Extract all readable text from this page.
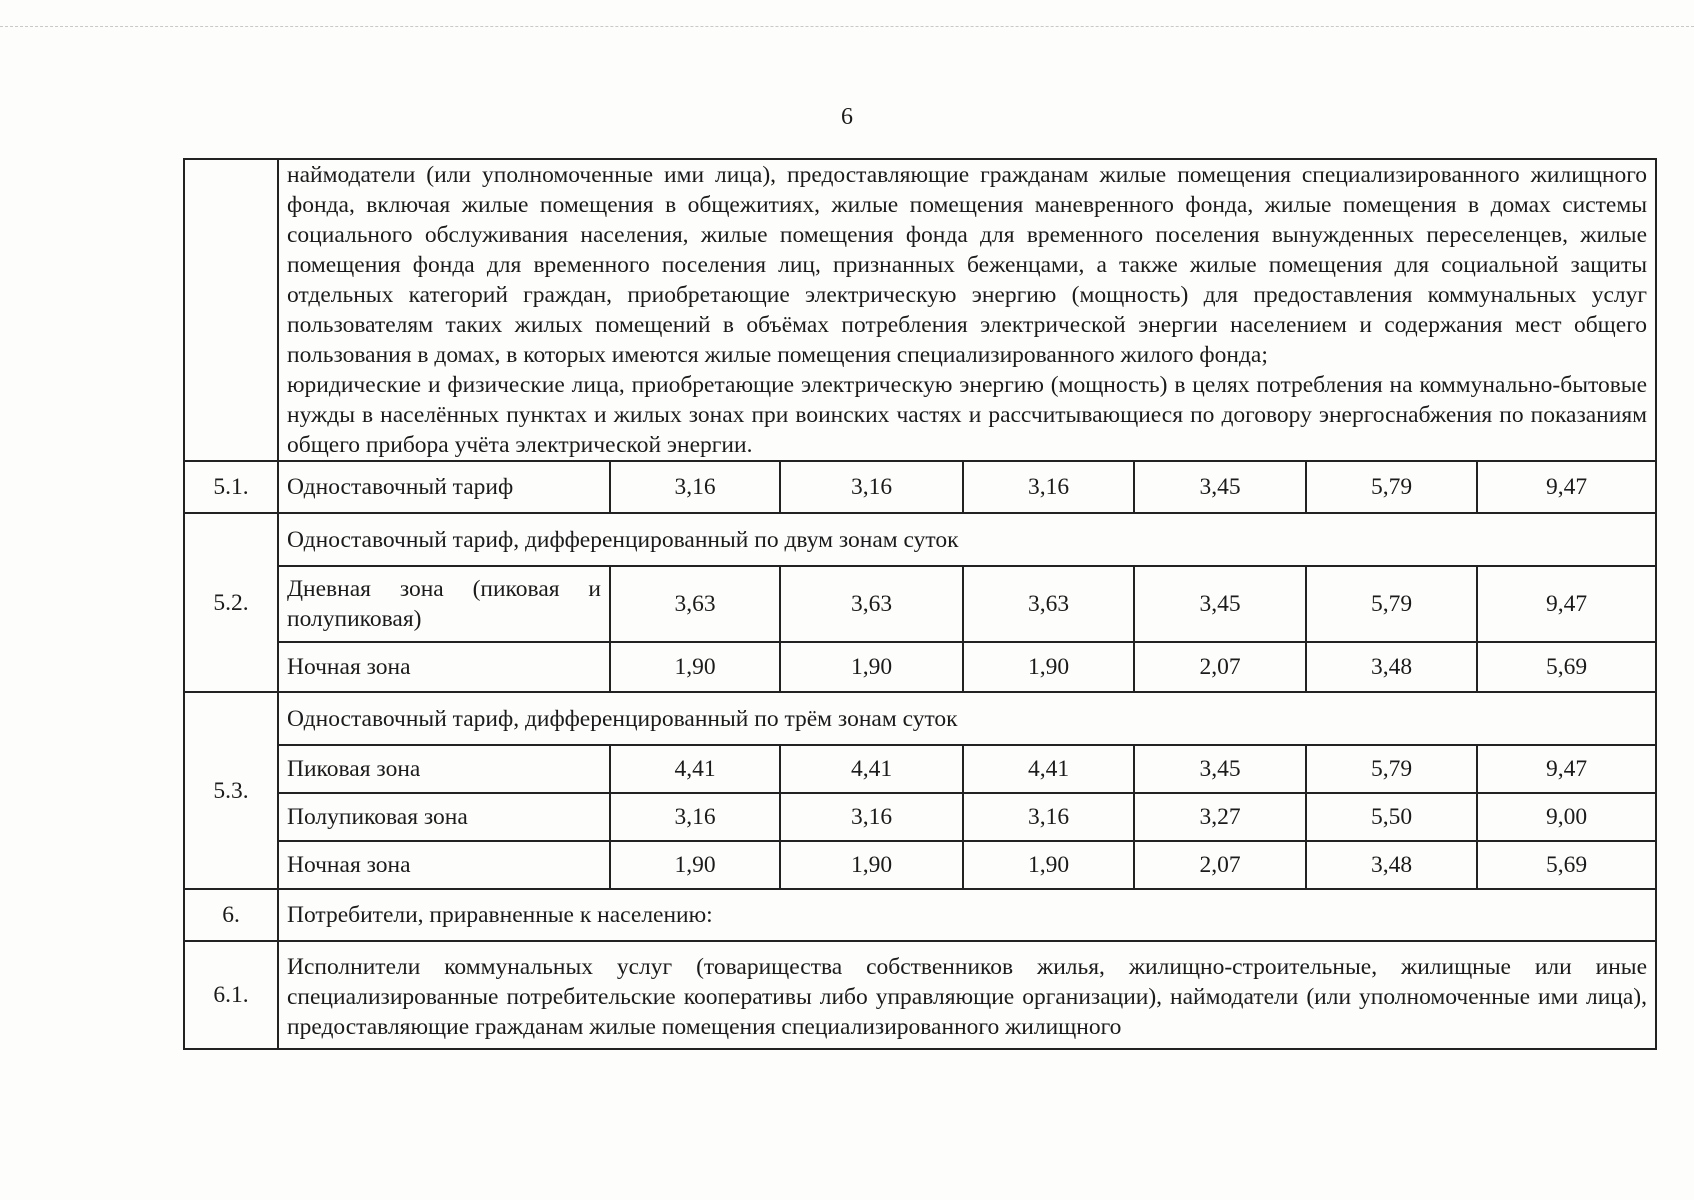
6

	наймодатели (или уполномоченные ими лица), предоставляющие гражданам жилые помещения специализированного жилищного фонда, включая жилые помещения в общежитиях, жилые помещения маневренного фонда, жилые помещения в домах системы социального обслуживания населения, жилые помещения фонда для временного поселения вынужденных переселенцев, жилые помещения фонда для временного поселения лиц, признанных беженцами, а также жилые помещения для социальной защиты отдельных категорий граждан, приобретающие электрическую энергию (мощность) для предоставления коммунальных услуг пользователям таких жилых помещений в объёмах потребления электрической энергии населением и содержания мест общего пользования в домах, в которых имеются жилые помещения специализированного жилого фонда;

юридические и физические лица, приобретающие электрическую энергию (мощность) в целях потребления на коммунально-бытовые нужды в населённых пунктах и жилых зонах при воинских частях и рассчитывающиеся по договору энергоснабжения по показаниям общего прибора учёта электрической энергии.						

5.1.	Одноставочный тариф	3,16	3,16	3,16	3,45	5,79	9,47
5.2.	Одноставочный тариф, дифференцированный по двум зонам суток						
	Дневная зона (пиковая и полупиковая)	3,63	3,63	3,63	3,45	5,79	9,47
	Ночная зона	1,90	1,90	1,90	2,07	3,48	5,69
5.3.	Одноставочный тариф, дифференцированный по трём зонам суток						
	Пиковая зона	4,41	4,41	4,41	3,45	5,79	9,47
	Полупиковая зона	3,16	3,16	3,16	3,27	5,50	9,00
	Ночная зона	1,90	1,90	1,90	2,07	3,48	5,69
6.	Потребители, приравненные к населению:						
6.1.	Исполнители коммунальных услуг (товарищества собственников жилья, жилищно-строительные, жилищные или иные специализированные потребительские кооперативы либо управляющие организации), наймодатели (или уполномоченные ими лица), предоставляющие гражданам жилые помещения специализированного жилищного						
